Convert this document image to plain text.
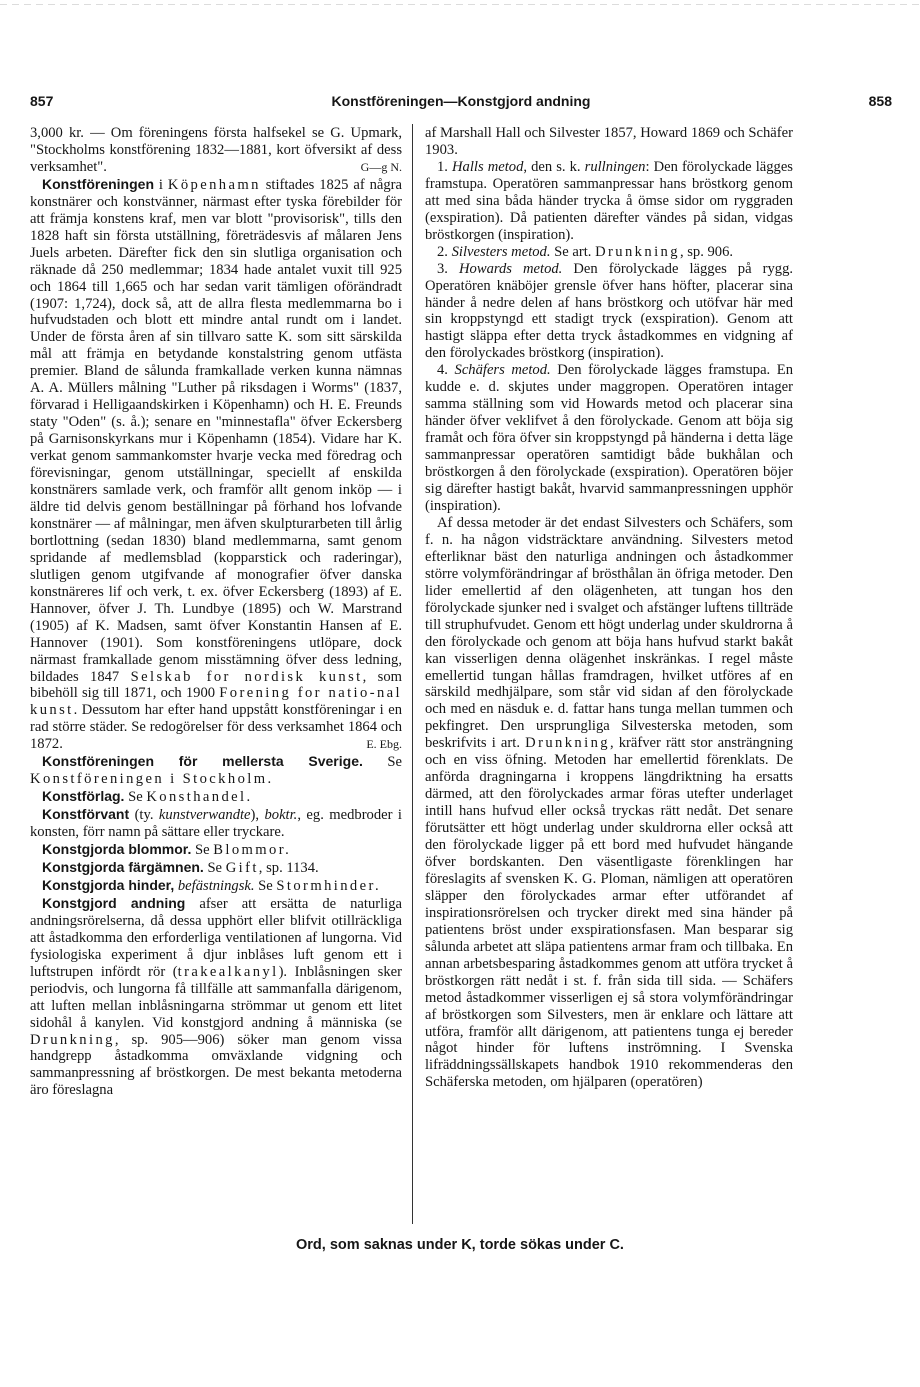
857	Konstföreningen—Konstgjord andning	858

3,000 kr. — Om föreningens första halfsekel se G. Upmark, "Stockholms konstförening 1832—1881, kort öfversikt af dess verksamhet".	G—g N.

Konstföreningen i Köpenhamn stiftades 1825 af några konstnärer och konstvänner, närmast efter tyska förebilder för att främja konstens kraf, men var blott "provisorisk", tills den 1828 haft sin första utställning, företrädesvis af målaren Jens Juels arbeten. Därefter fick den sin slutliga organisation och räknade då 250 medlemmar; 1834 hade antalet vuxit till 925 och 1864 till 1,665 och har sedan varit tämligen oförändradt (1907: 1,724), dock så, att de allra flesta medlemmarna bo i hufvudstaden och blott ett mindre antal rundt om i landet. Under de första åren af sin tillvaro satte K. som sitt särskilda mål att främja en betydande konstalstring genom utfästa premier. Bland de sålunda framkallade verken kunna nämnas A. A. Müllers målning "Luther på riksdagen i Worms" (1837, förvarad i Helligaandskirken i Köpenhamn) och H. E. Freunds staty "Oden" (s. å.); senare en "minnestafla" öfver Eckersberg på Garnisonskyrkans mur i Köpenhamn (1854). Vidare har K. verkat genom sammankomster hvarje vecka med föredrag och förevisningar, genom utställningar, speciellt af enskilda konstnärers samlade verk, och framför allt genom inköp — i äldre tid delvis genom beställningar på förhand hos lofvande konstnärer — af målningar, men äfven skulpturarbeten till årlig bortlottning (sedan 1830) bland medlemmarna, samt genom spridande af medlemsblad (kopparstick och raderingar), slutligen genom utgifvande af monografier öfver danska konstnäreres lif och verk, t. ex. öfver Eckersberg (1893) af E. Hannover, öfver J. Th. Lundbye (1895) och W. Marstrand (1905) af K. Madsen, samt öfver Konstantin Hansen af E. Hannover (1901). Som konstföreningens utlöpare, dock närmast framkallade genom misstämning öfver dess ledning, bildades 1847 Selskab for nordisk kunst, som bibehöll sig till 1871, och 1900 Forening for natio-nal kunst. Dessutom har efter hand uppstått konstföreningar i en rad större städer. Se redogörelser för dess verksamhet 1864 och 1872.	E. Ebg.

Konstföreningen för mellersta Sverige. Se Konstföreningen i Stockholm.

Konstförlag. Se Konsthandel.

Konstförvant (ty. kunstverwandte), boktr., eg. medbroder i konsten, förr namn på sättare eller tryckare.

Konstgjorda blommor. Se Blommor.

Konstgjorda färgämnen. Se Gift, sp. 1134.

Konstgjorda hinder, befästningsk. Se Stormhinder.

Konstgjord andning afser att ersätta de naturliga andningsrörelserna, då dessa upphört eller blifvit otillräckliga att åstadkomma den erforderliga ventilationen af lungorna. Vid fysiologiska experiment å djur inblåses luft genom ett i luftstrupen infördt rör (trakealkanyl). Inblåsningen sker periodvis, och lungorna få tillfälle att sammanfalla därigenom, att luften mellan inblåsningarna strömmar ut genom ett litet sidohål å kanylen. Vid konstgjord andning å människa (se Drunkning, sp. 905—906) söker man genom vissa handgrepp åstadkomma omväxlande vidgning och sammanpressning af bröstkorgen. De mest bekanta metoderna äro föreslagna

af Marshall Hall och Silvester 1857, Howard 1869 och Schäfer 1903.

1. Halls metod, den s. k. rullningen: Den förolyckade lägges framstupa. Operatören sammanpressar hans bröstkorg genom att med sina båda händer trycka å ömse sidor om ryggraden (exspiration). Då patienten därefter vändes på sidan, vidgas bröstkorgen (inspiration).

2. Silvesters metod. Se art. Drunkning, sp. 906.

3. Howards metod. Den förolyckade lägges på rygg. Operatören knäböjer grensle öfver hans höfter, placerar sina händer å nedre delen af hans bröstkorg och utöfvar här med sin kroppstyngd ett stadigt tryck (exspiration). Genom att hastigt släppa efter detta tryck åstadkommes en vidgning af den förolyckades bröstkorg (inspiration).

4. Schäfers metod. Den förolyckade lägges framstupa. En kudde e. d. skjutes under maggropen. Operatören intager samma ställning som vid Howards metod och placerar sina händer öfver veklifvet å den förolyckade. Genom att böja sig framåt och föra öfver sin kroppstyngd på händerna i detta läge sammanpressar operatören samtidigt både bukhålan och bröstkorgen å den förolyckade (exspiration). Operatören böjer sig därefter hastigt bakåt, hvarvid sammanpressningen upphör (inspiration).

Af dessa metoder är det endast Silvesters och Schäfers, som f. n. ha någon vidsträcktare användning. Silvesters metod efterliknar bäst den naturliga andningen och åstadkommer större volymförändringar af brösthålan än öfriga metoder. Den lider emellertid af den olägenheten, att tungan hos den förolyckade sjunker ned i svalget och afstänger luftens tillträde till struphufvudet. Genom ett högt underlag under skuldrorna å den förolyckade och genom att böja hans hufvud starkt bakåt kan visserligen denna olägenhet inskränkas. I regel måste emellertid tungan hållas framdragen, hvilket utföres af en särskild medhjälpare, som står vid sidan af den förolyckade och med en näsduk e. d. fattar hans tunga mellan tummen och pekfingret. Den ursprungliga Silvesterska metoden, som beskrifvits i art. Drunkning, kräfver rätt stor ansträngning och en viss öfning. Metoden har emellertid förenklats. De anförda dragningarna i kroppens längdriktning ha ersatts därmed, att den förolyckades armar föras utefter underlaget intill hans hufvud eller också tryckas rätt nedåt. Det senare förutsätter ett högt underlag under skuldrorna eller också att den förolyckade ligger på ett bord med hufvudet hängande öfver bordskanten. Den väsentligaste förenklingen har föreslagits af svensken K. G. Ploman, nämligen att operatören släpper den förolyckades armar efter utförandet af inspirationsrörelsen och trycker direkt med sina händer på patientens bröst under exspirationsfasen. Man besparar sig sålunda arbetet att släpa patientens armar fram och tillbaka. En annan arbetsbesparing åstadkommes genom att utföra trycket å bröstkorgen rätt nedåt i st. f. från sida till sida. — Schäfers metod åstadkommer visserligen ej så stora volymförändringar af bröstkorgen som Silvesters, men är enklare och lättare att utföra, framför allt därigenom, att patientens tunga ej bereder något hinder för luftens inströmning. I Svenska lifräddningssällskapets handbok 1910 rekommenderas den Schäferska metoden, om hjälparen (operatören)

Ord, som saknas under K, torde sökas under C.
